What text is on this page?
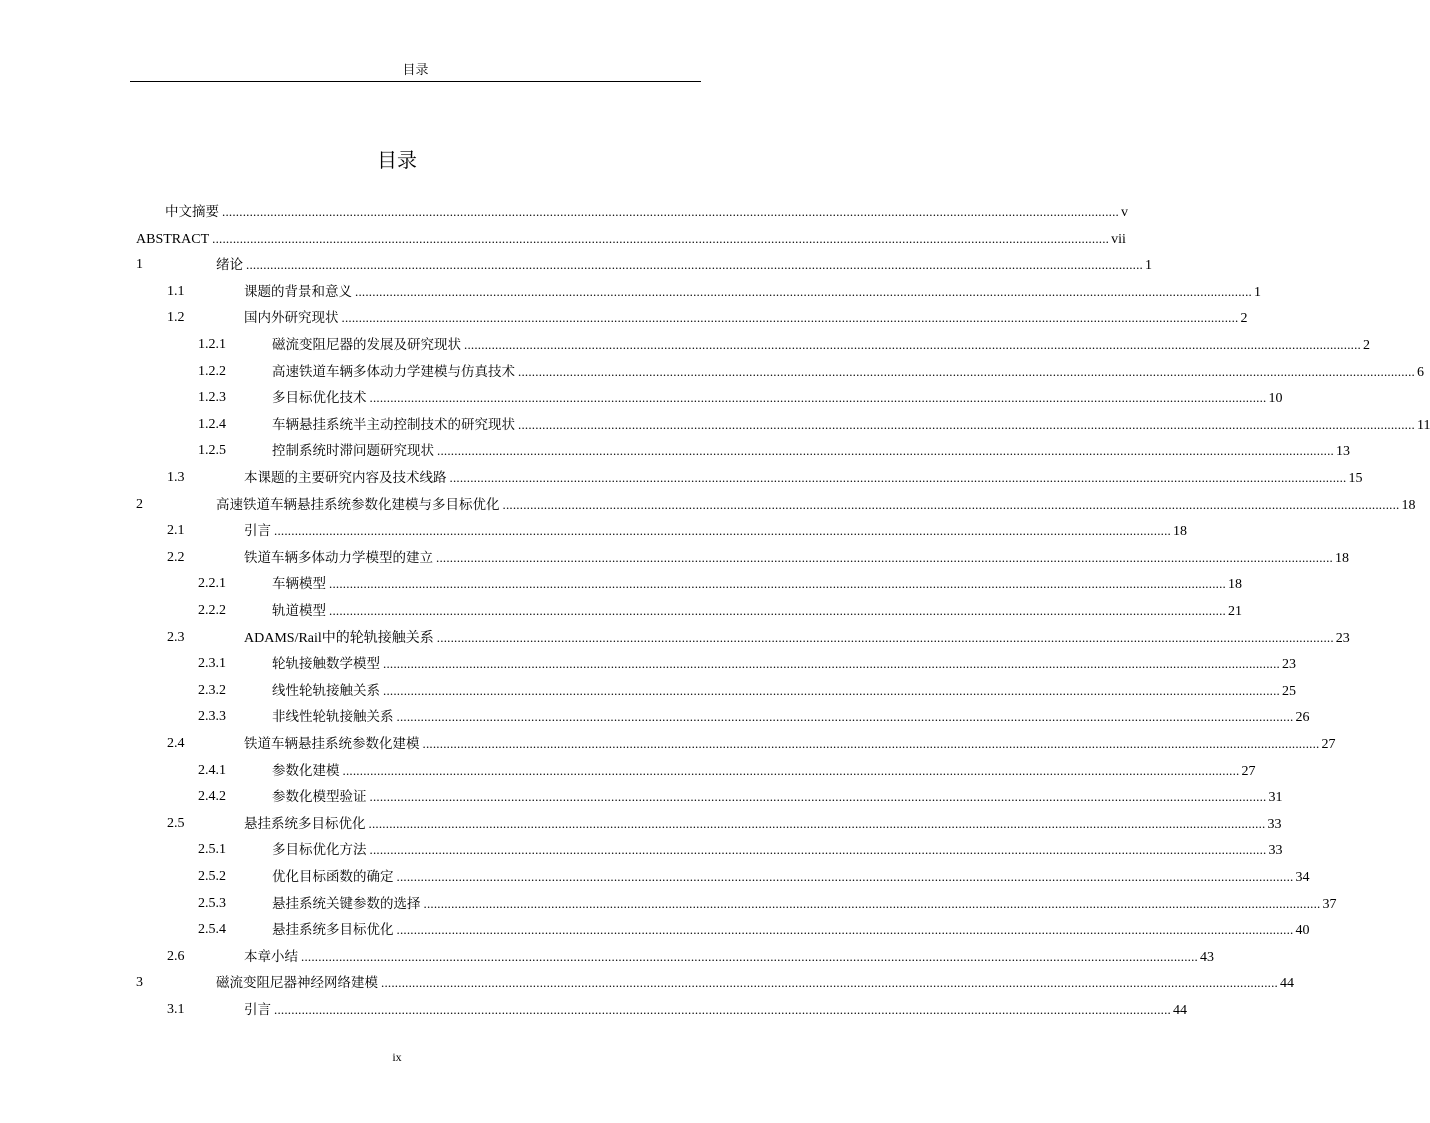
目录
目录
中文摘要 .................................................................................................................................................................................................................................................................... v
ABSTRACT .................................................................................................................................................................................................................................................................... vii
1	绪论 .................................................................................................................................................................................................................................................................... 1
1.1	课题的背景和意义 .................................................................................................................................................................................................................................................................... 1
1.2	国内外研究现状 .................................................................................................................................................................................................................................................................... 2
1.2.1	磁流变阻尼器的发展及研究现状 .................................................................................................................................................................................................................................................................... 2
1.2.2	高速铁道车辆多体动力学建模与仿真技术 .................................................................................................................................................................................................................................................................... 6
1.2.3	多目标优化技术 .................................................................................................................................................................................................................................................................... 10
1.2.4	车辆悬挂系统半主动控制技术的研究现状 .................................................................................................................................................................................................................................................................... 11
1.2.5	控制系统时滞问题研究现状 .................................................................................................................................................................................................................................................................... 13
1.3	本课题的主要研究内容及技术线路 .................................................................................................................................................................................................................................................................... 15
2	高速铁道车辆悬挂系统参数化建模与多目标优化 .................................................................................................................................................................................................................................................................... 18
2.1	引言 .................................................................................................................................................................................................................................................................... 18
2.2	铁道车辆多体动力学模型的建立 .................................................................................................................................................................................................................................................................... 18
2.2.1	车辆模型 .................................................................................................................................................................................................................................................................... 18
2.2.2	轨道模型 .................................................................................................................................................................................................................................................................... 21
2.3	ADAMS/Rail中的轮轨接触关系 .................................................................................................................................................................................................................................................................... 23
2.3.1	轮轨接触数学模型 .................................................................................................................................................................................................................................................................... 23
2.3.2	线性轮轨接触关系 .................................................................................................................................................................................................................................................................... 25
2.3.3	非线性轮轨接触关系 .................................................................................................................................................................................................................................................................... 26
2.4	铁道车辆悬挂系统参数化建模 .................................................................................................................................................................................................................................................................... 27
2.4.1	参数化建模 .................................................................................................................................................................................................................................................................... 27
2.4.2	参数化模型验证 .................................................................................................................................................................................................................................................................... 31
2.5	悬挂系统多目标优化 .................................................................................................................................................................................................................................................................... 33
2.5.1	多目标优化方法 .................................................................................................................................................................................................................................................................... 33
2.5.2	优化目标函数的确定 .................................................................................................................................................................................................................................................................... 34
2.5.3	悬挂系统关键参数的选择 .................................................................................................................................................................................................................................................................... 37
2.5.4	悬挂系统多目标优化 .................................................................................................................................................................................................................................................................... 40
2.6	本章小结 .................................................................................................................................................................................................................................................................... 43
3	磁流变阻尼器神经网络建模 .................................................................................................................................................................................................................................................................... 44
3.1	引言 .................................................................................................................................................................................................................................................................... 44
ix
